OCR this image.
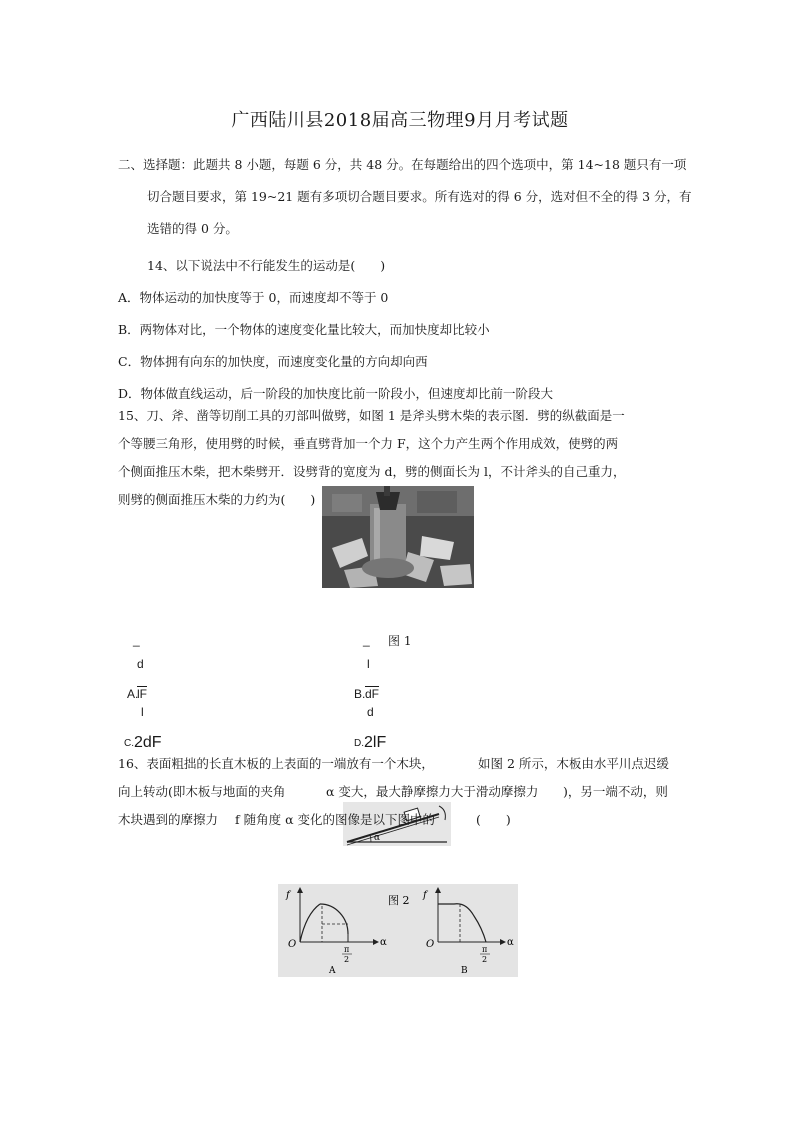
广西陆川县2018届高三物理9月月考试题
二、选择题：此题共 8 小题，每题 6 分，共 48 分。在每题给出的四个选项中，第 14~18 题只有一项
切合题目要求，第 19~21 题有多项切合题目要求。所有选对的得 6 分，选对但不全的得 3 分，有
选错的得 0 分。
14、以下说法中不行能发生的运动是(　　)
A．物体运动的加快度等于 0，而速度却不等于 0
B．两物体对比，一个物体的速度变化量比较大，而加快度却比较小
C．物体拥有向东的加快度，而速度变化量的方向却向西
D．物体做直线运动，后一阶段的加快度比前一阶段小，但速度却比前一阶段大
15、刀、斧、凿等切削工具的刃部叫做劈，如图 1 是斧头劈木柴的表示图．劈的纵截面是一
个等腰三角形，使用劈的时候，垂直劈背加一个力 F，这个力产生两个作用成效，使劈的两
个侧面推压木柴，把木柴劈开．设劈背的宽度为 d，劈的侧面长为 l，不计斧头的自己重力，
则劈的侧面推压木柴的力约为(　　)
图 1
_
d
A.
$\overline{lF}$
l
_
l
B. $\overline{dF}$
d
C. 2dF	D. 2lF
16、表面粗拙的长直木板的上表面的一端放有一个木块，	如图 2 所示，木板由水平川点迟缓
向上转动(即木板与地面的夹角	α 变大，最大静摩擦力大于滑动摩擦力 )，另一端不动，则
α
木块遇到的摩擦力 f 随角度 α 变化的图像是以下图中的	(　　)
f
O	α
π
2
A
图 2 f
O	α
π
2
B
